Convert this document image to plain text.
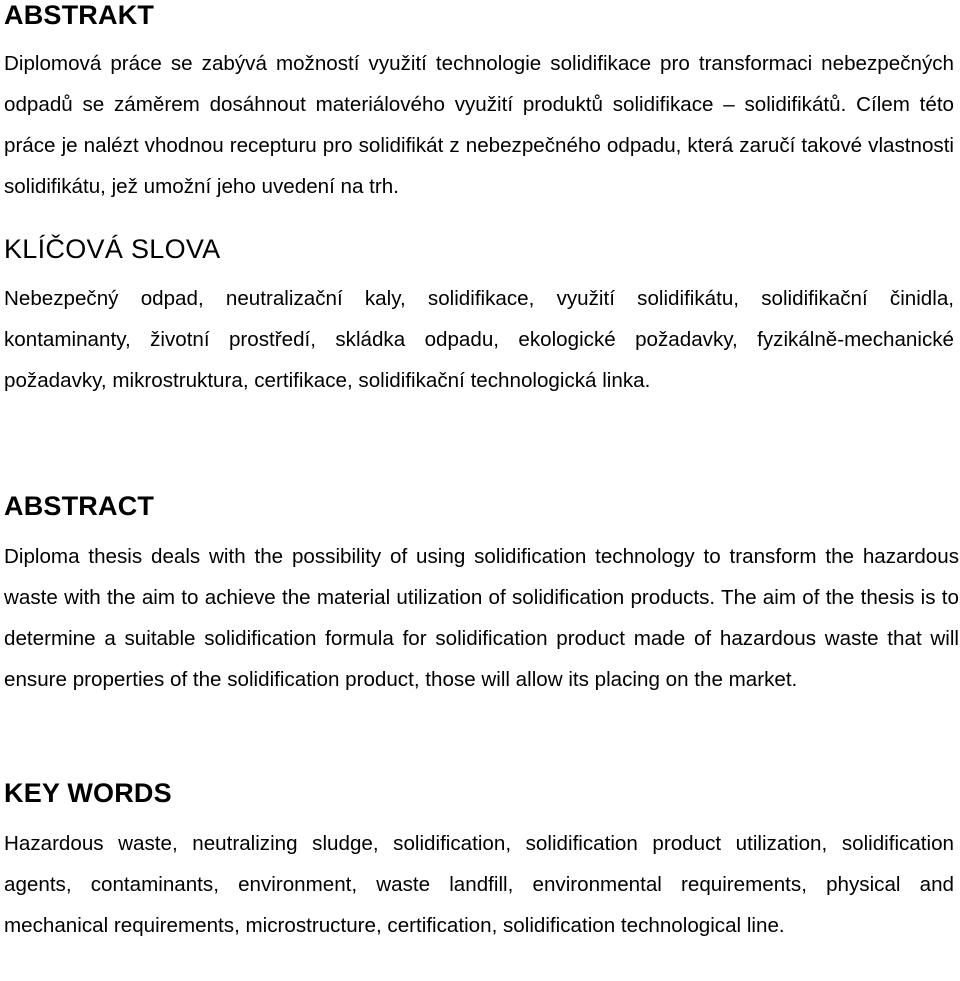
ABSTRAKT

Diplomová práce se zabývá možností využití technologie solidifikace pro transformaci nebezpečných odpadů se záměrem dosáhnout materiálového využití produktů solidifikace – solidifikátů. Cílem této práce je nalézt vhodnou recepturu pro solidifikát z nebezpečného odpadu, která zaručí takové vlastnosti solidifikátu, jež umožní jeho uvedení na trh.

KLÍČOVÁ SLOVA

Nebezpečný odpad, neutralizační kaly, solidifikace, využití solidifikátu, solidifikační činidla, kontaminanty, životní prostředí, skládka odpadu, ekologické požadavky, fyzikálně-mechanické požadavky, mikrostruktura, certifikace, solidifikační technologická linka.

ABSTRACT

Diploma thesis deals with the possibility of using solidification technology to transform the hazardous waste with the aim to achieve the material utilization of solidification products. The aim of the thesis is to determine a suitable solidification formula for solidification product made of hazardous waste that will ensure properties of the solidification product, those will allow its placing on the market.

KEY WORDS

Hazardous waste, neutralizing sludge, solidification, solidification product utilization, solidification agents, contaminants, environment, waste landfill, environmental requirements, physical and mechanical requirements, microstructure, certification, solidification technological line.
